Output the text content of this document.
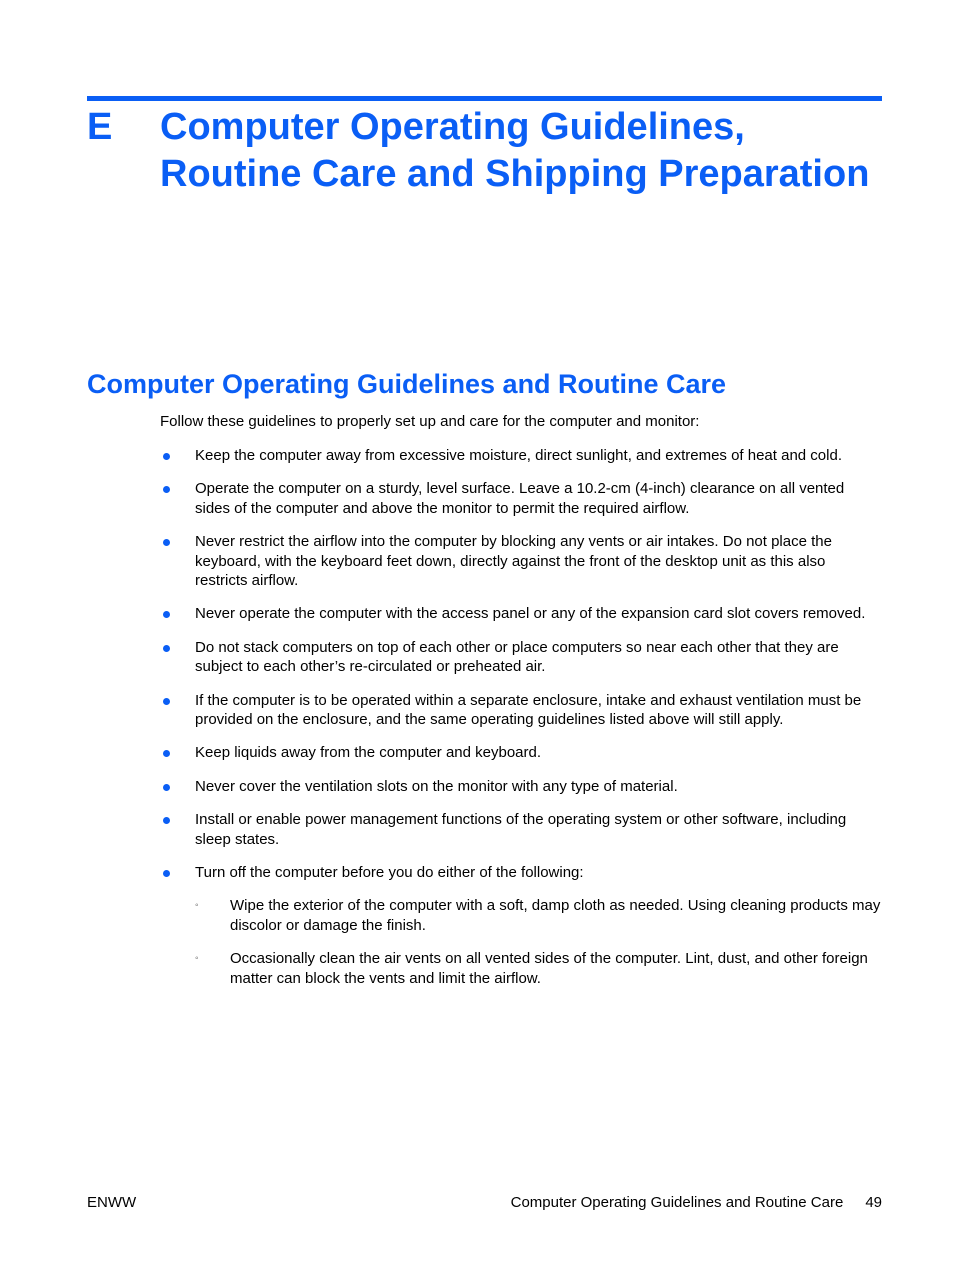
E Computer Operating Guidelines,
Routine Care and Shipping Preparation
Computer Operating Guidelines and Routine Care

Follow these guidelines to properly set up and care for the computer and monitor:

Keep the computer away from excessive moisture, direct sunlight, and extremes of heat and cold.
Operate the computer on a sturdy, level surface. Leave a 10.2-cm (4-inch) clearance on all vented sides of the computer and above the monitor to permit the required airflow.
Never restrict the airflow into the computer by blocking any vents or air intakes. Do not place the keyboard, with the keyboard feet down, directly against the front of the desktop unit as this also restricts airflow.
Never operate the computer with the access panel or any of the expansion card slot covers removed.
Do not stack computers on top of each other or place computers so near each other that they are subject to each other’s re-circulated or preheated air.
If the computer is to be operated within a separate enclosure, intake and exhaust ventilation must be provided on the enclosure, and the same operating guidelines listed above will still apply.
Keep liquids away from the computer and keyboard.
Never cover the ventilation slots on the monitor with any type of material.
Install or enable power management functions of the operating system or other software, including sleep states.
Turn off the computer before you do either of the following:
◦ Wipe the exterior of the computer with a soft, damp cloth as needed. Using cleaning products may discolor or damage the finish.
◦ Occasionally clean the air vents on all vented sides of the computer. Lint, dust, and other foreign matter can block the vents and limit the airflow.
ENWW	Computer Operating Guidelines and Routine Care 49
